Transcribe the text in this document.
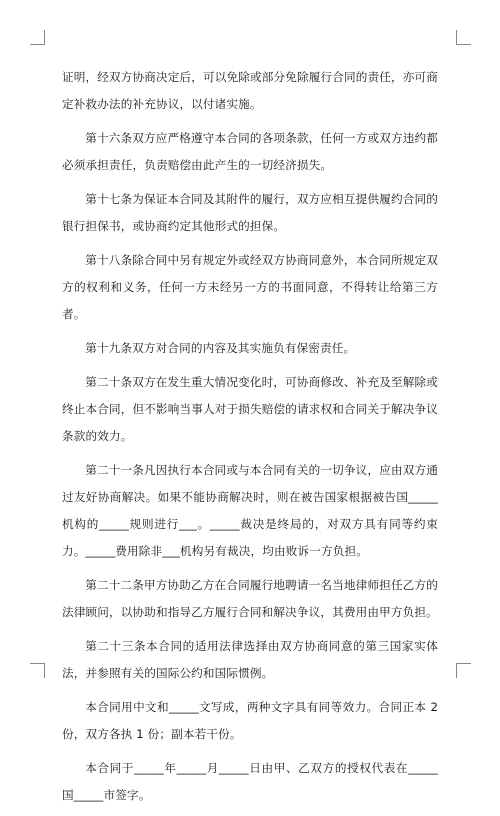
证明，经双方协商决定后，可以免除或部分免除履行合同的责任，亦可商定补救办法的补充协议，以付诸实施。

第十六条双方应严格遵守本合同的各项条款，任何一方或双方违约都必须承担责任，负责赔偿由此产生的一切经济损失。

第十七条为保证本合同及其附件的履行，双方应相互提供履约合同的银行担保书，或协商约定其他形式的担保。

第十八条除合同中另有规定外或经双方协商同意外，本合同所规定双方的权利和义务，任何一方未经另一方的书面同意，不得转让给第三方者。

第十九条双方对合同的内容及其实施负有保密责任。

第二十条双方在发生重大情况变化时，可协商修改、补充及至解除或终止本合同，但不影响当事人对于损失赔偿的请求权和合同关于解决争议条款的效力。

第二十一条凡因执行本合同或与本合同有关的一切争议，应由双方通过友好协商解决。如果不能协商解决时，则在被告国家根据被告国_____机构的_____规则进行___。_____裁决是终局的，对双方具有同等约束力。_____费用除非___机构另有裁决，均由败诉一方负担。

第二十二条甲方协助乙方在合同履行地聘请一名当地律师担任乙方的法律顾问，以协助和指导乙方履行合同和解决争议，其费用由甲方负担。

第二十三条本合同的适用法律选择由双方协商同意的第三国家实体法，并参照有关的国际公约和国际惯例。

本合同用中文和_____文写成，两种文字具有同等效力。合同正本 2 份，双方各执 1 份；副本若干份。

本合同于_____年_____月_____日由甲、乙双方的授权代表在_____国_____市签字。
